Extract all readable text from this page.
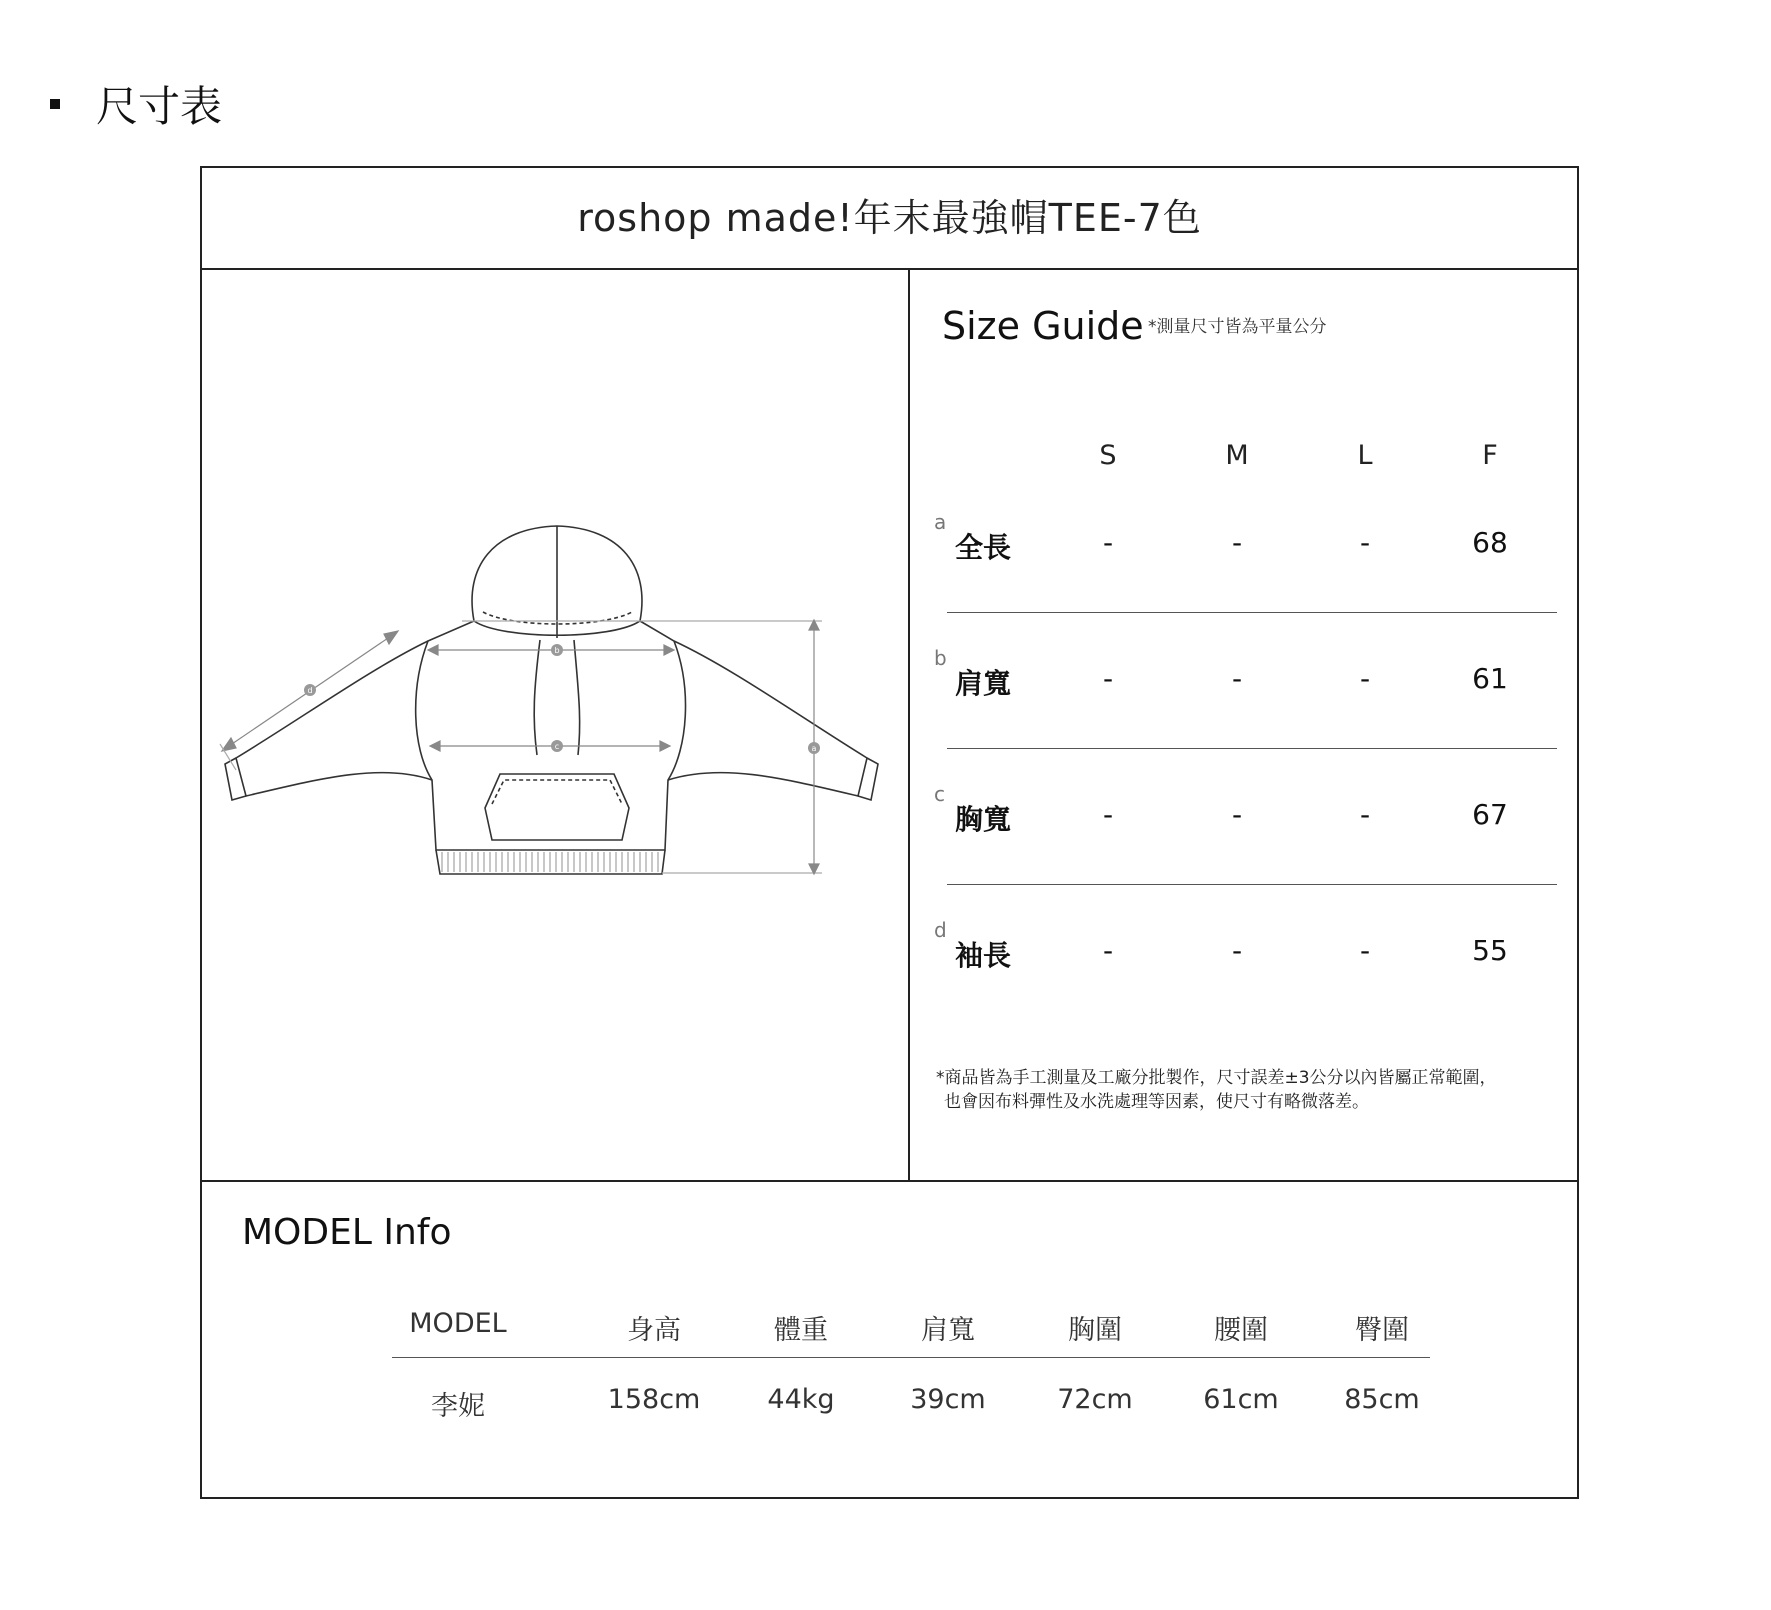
尺寸表
roshop made!年末最強帽TEE-7色
a
b
c
d
Size Guide *測量尺寸皆為平量公分
S	M	L	F
a
全長	-	-	-	68
b
肩寬	-	-	-	61
c
胸寬	-	-	-	67
d
袖長	-	-	-	55
*商品皆為手工測量及工廠分批製作，尺寸誤差±3公分以內皆屬正常範圍，
也會因布料彈性及水洗處理等因素，使尺寸有略微落差。
MODEL Info
MODEL	身高	體重	肩寬	胸圍	腰圍	臀圍
李妮	158cm	44kg	39cm	72cm	61cm	85cm
